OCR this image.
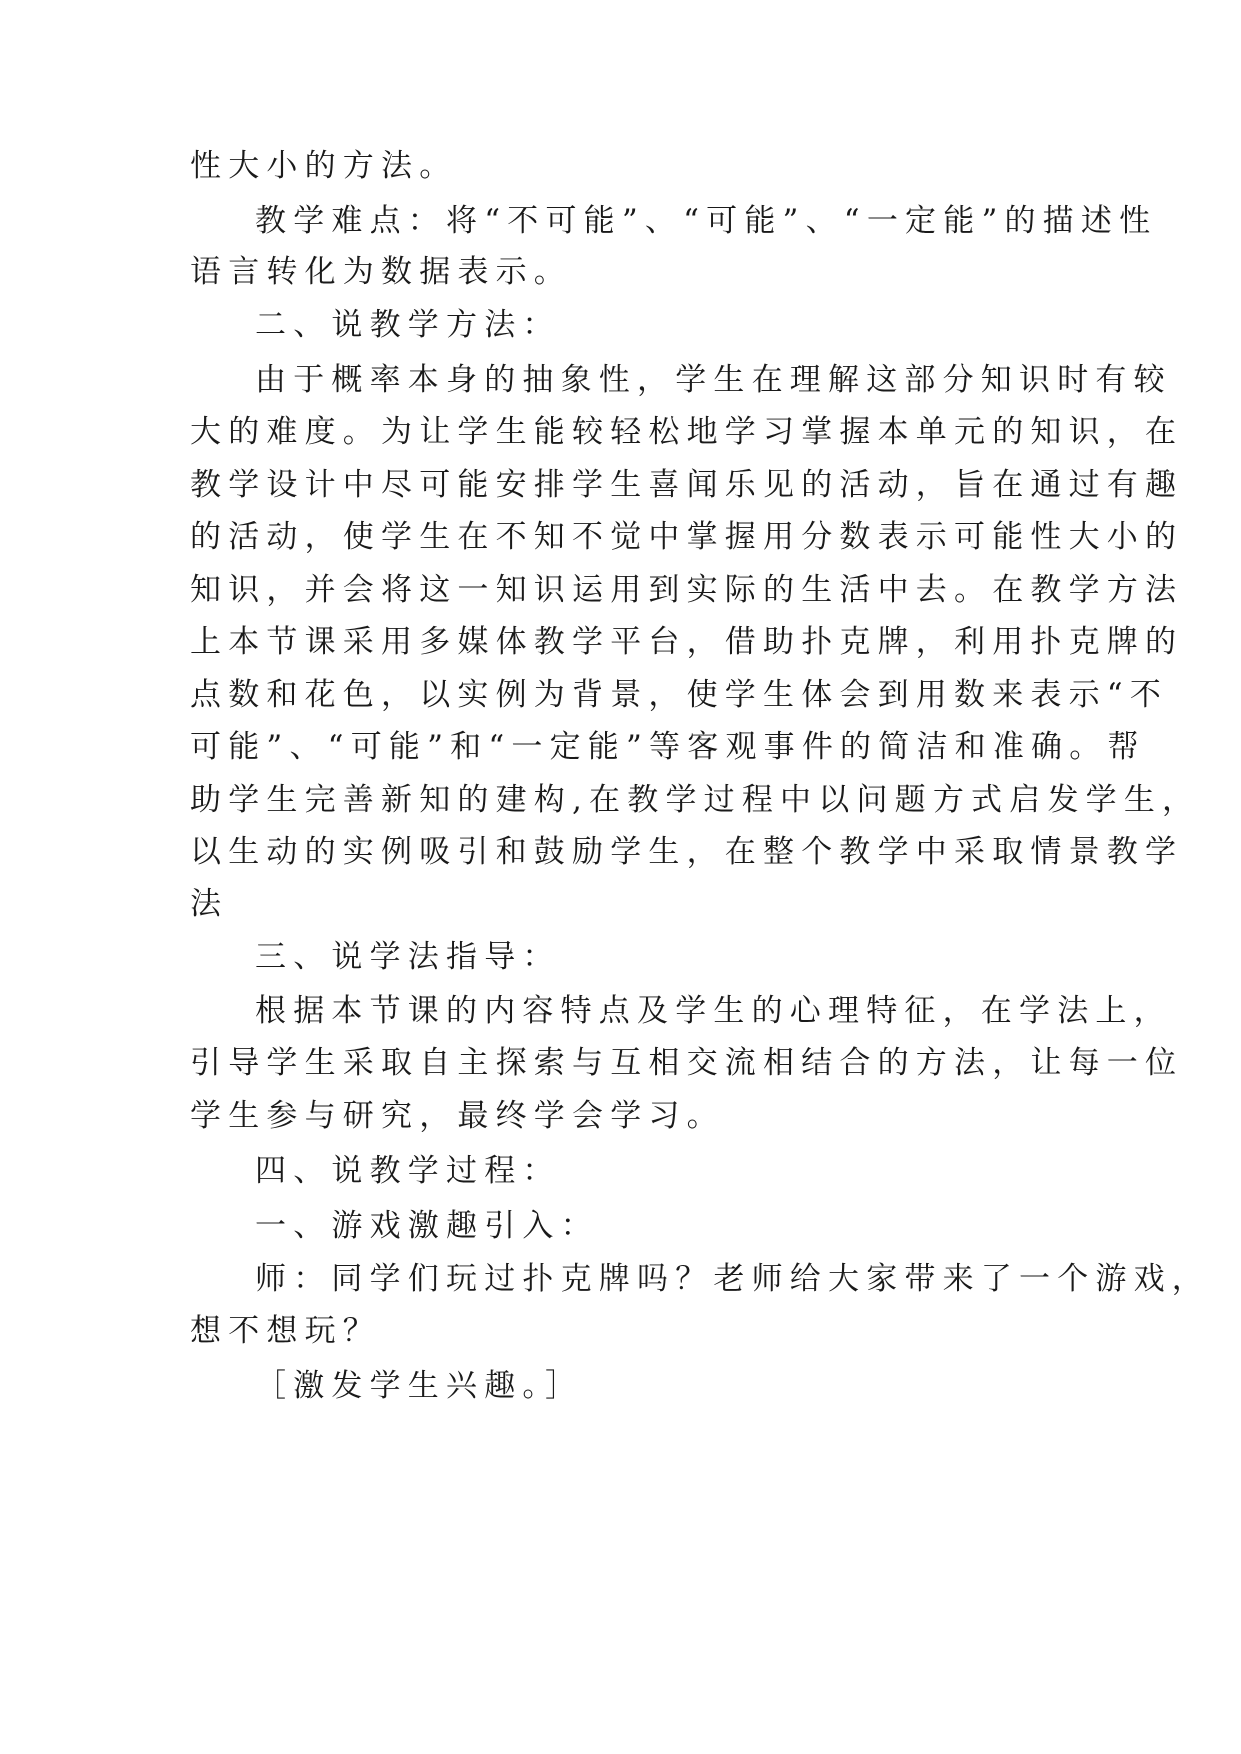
性大小的方法。
教学难点：将“不可能”、“可能”、“一定能”的描述性
语言转化为数据表示。
二、说教学方法：
由于概率本身的抽象性，学生在理解这部分知识时有较
大的难度。为让学生能较轻松地学习掌握本单元的知识，在
教学设计中尽可能安排学生喜闻乐见的活动，旨在通过有趣
的活动，使学生在不知不觉中掌握用分数表示可能性大小的
知识，并会将这一知识运用到实际的生活中去。在教学方法
上本节课采用多媒体教学平台，借助扑克牌，利用扑克牌的
点数和花色，以实例为背景，使学生体会到用数来表示“不
可能”、“可能”和“一定能”等客观事件的简洁和准确。帮
助学生完善新知的建构,在教学过程中以问题方式启发学生，
以生动的实例吸引和鼓励学生，在整个教学中采取情景教学
法
三、说学法指导：
根据本节课的内容特点及学生的心理特征，在学法上，
引导学生采取自主探索与互相交流相结合的方法，让每一位
学生参与研究，最终学会学习。
四、说教学过程：
一、游戏激趣引入：
师：同学们玩过扑克牌吗？老师给大家带来了一个游戏，
想不想玩？
［激发学生兴趣。］
